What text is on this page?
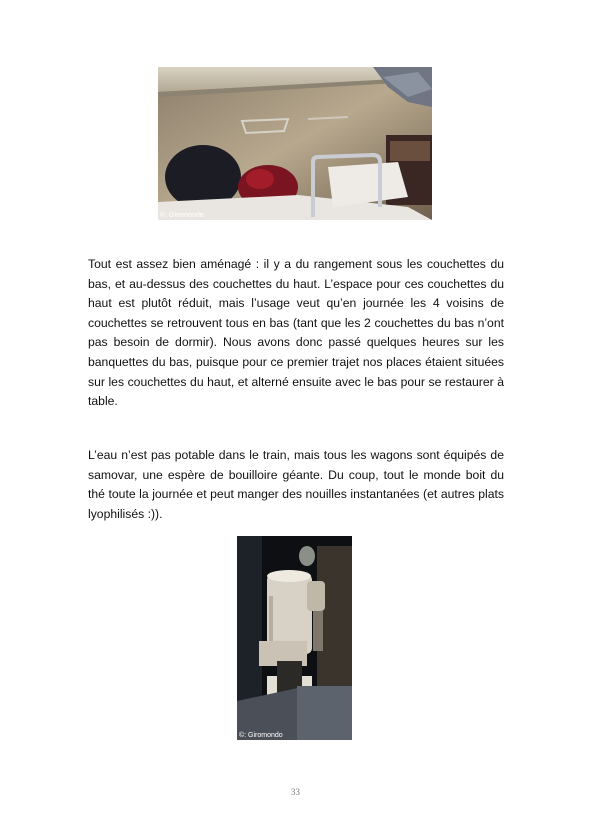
©: Giromondo

Tout est assez bien aménagé : il y a du rangement sous les couchettes du bas, et au-dessus des couchettes du haut. L’espace pour ces couchettes du haut est plutôt réduit, mais l’usage veut qu’en journée les 4 voisins de couchettes se retrouvent tous en bas (tant que les 2 couchettes du bas n’ont pas besoin de dormir). Nous avons donc passé quelques heures sur les banquettes du bas, puisque pour ce premier trajet nos places étaient situées sur les couchettes du haut, et alterné ensuite avec le bas pour se restaurer à table.

L’eau n’est pas potable dans le train, mais tous les wagons sont équipés de samovar, une espère de bouilloire géante. Du coup, tout le monde boit du thé toute la journée et peut manger des nouilles instantanées (et autres plats lyophilisés :)).

©: Giromondo
33
